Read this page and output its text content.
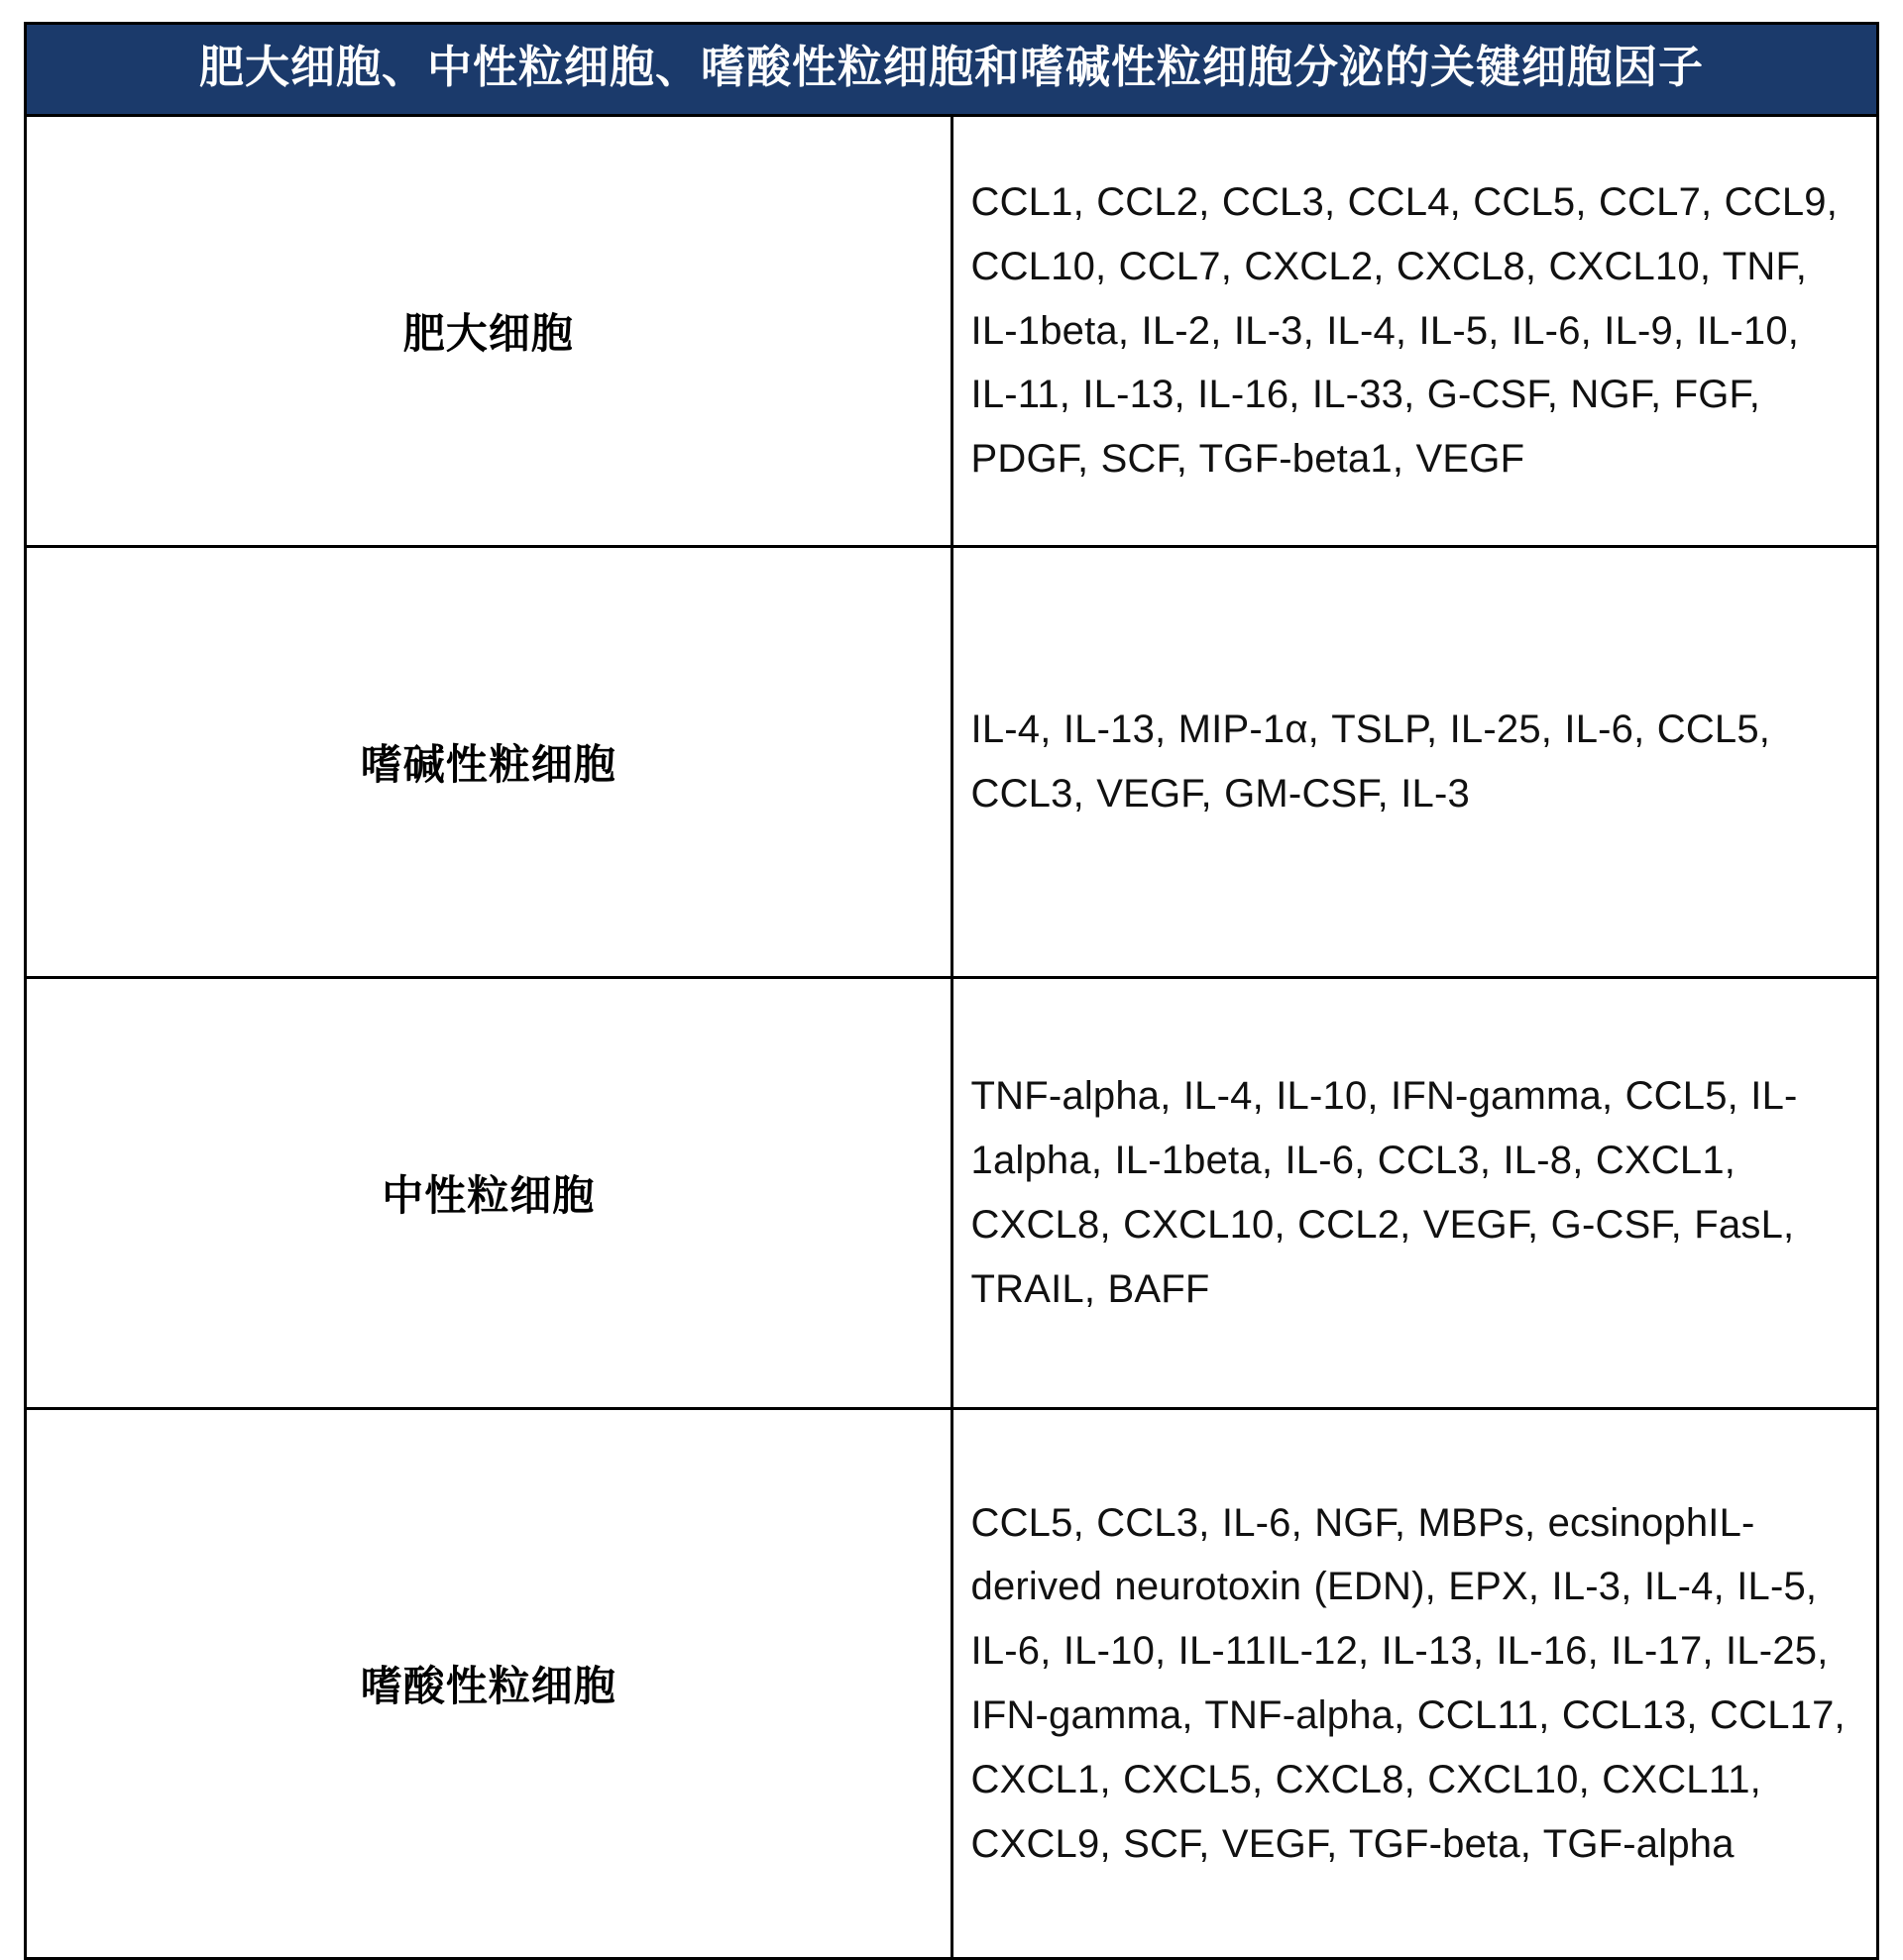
肥大细胞、中性粒细胞、嗜酸性粒细胞和嗜碱性粒细胞分泌的关键细胞因子	
肥大细胞	CCL1, CCL2, CCL3, CCL4, CCL5, CCL7, CCL9, CCL10, CCL7, CXCL2, CXCL8, CXCL10, TNF, IL-1beta, IL-2, IL-3, IL-4, IL-5, IL-6, IL-9, IL-10, IL-11, IL-13, IL-16, IL-33, G-CSF, NGF, FGF, PDGF, SCF, TGF-beta1, VEGF
嗜碱性粧细胞	IL-4, IL-13, MIP-1α, TSLP, IL-25, IL-6, CCL5, CCL3, VEGF, GM-CSF, IL-3
中性粒细胞	TNF-alpha, IL-4, IL-10, IFN-gamma, CCL5, IL-1alpha, IL-1beta, IL-6, CCL3, IL-8, CXCL1, CXCL8, CXCL10, CCL2, VEGF, G-CSF, FasL, TRAIL, BAFF
嗜酸性粒细胞	CCL5, CCL3, IL-6, NGF, MBPs, ecsinophIL-derived neurotoxin (EDN), EPX, IL-3, IL-4, IL-5, IL-6, IL-10, IL-11IL-12, IL-13, IL-16, IL-17, IL-25, IFN-gamma, TNF-alpha, CCL11, CCL13, CCL17, CXCL1, CXCL5, CXCL8, CXCL10, CXCL11, CXCL9, SCF, VEGF, TGF-beta, TGF-alpha
